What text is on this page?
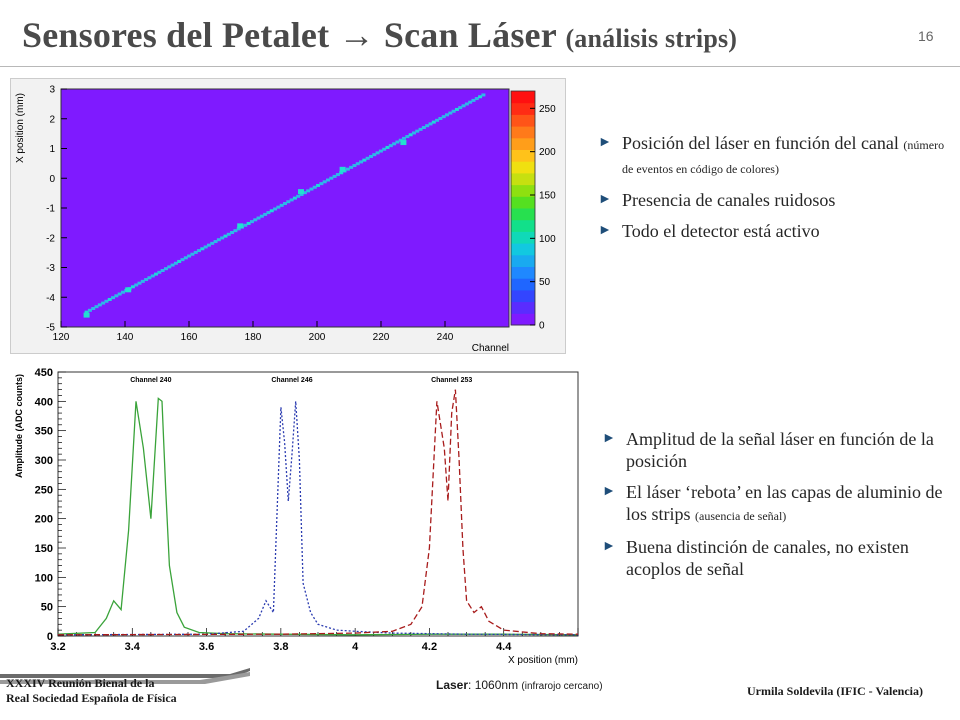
Sensores del Petalet → Scan Láser (análisis strips)	16
120	140	160	180	200	220	240
-5
-4
-3
-2
-1
0
1
2
3
Channel
X position (mm)
0
50
100
150
200
250
0
50
100
150
200
250
300
350
400
450
3.2	3.4	3.6	3.8	4	4.2	4.4
X position (mm)
Amplitude (ADC counts)	Channel 240	Channel 246	Channel 253
► Posición del láser en función del canal (número de eventos en código de colores)
► Presencia de canales ruidosos
► Todo el detector está activo
► Amplitud de la señal láser en función de la posición
► El láser ‘rebota’ en las capas de aluminio de los strips (ausencia de señal)
► Buena distinción de canales, no existen acoplos de señal
XXXIV Reunión Bienal de la
Real Sociedad Española de Física
Laser: 1060nm (infrarojo cercano)	Urmila Soldevila (IFIC - Valencia)
